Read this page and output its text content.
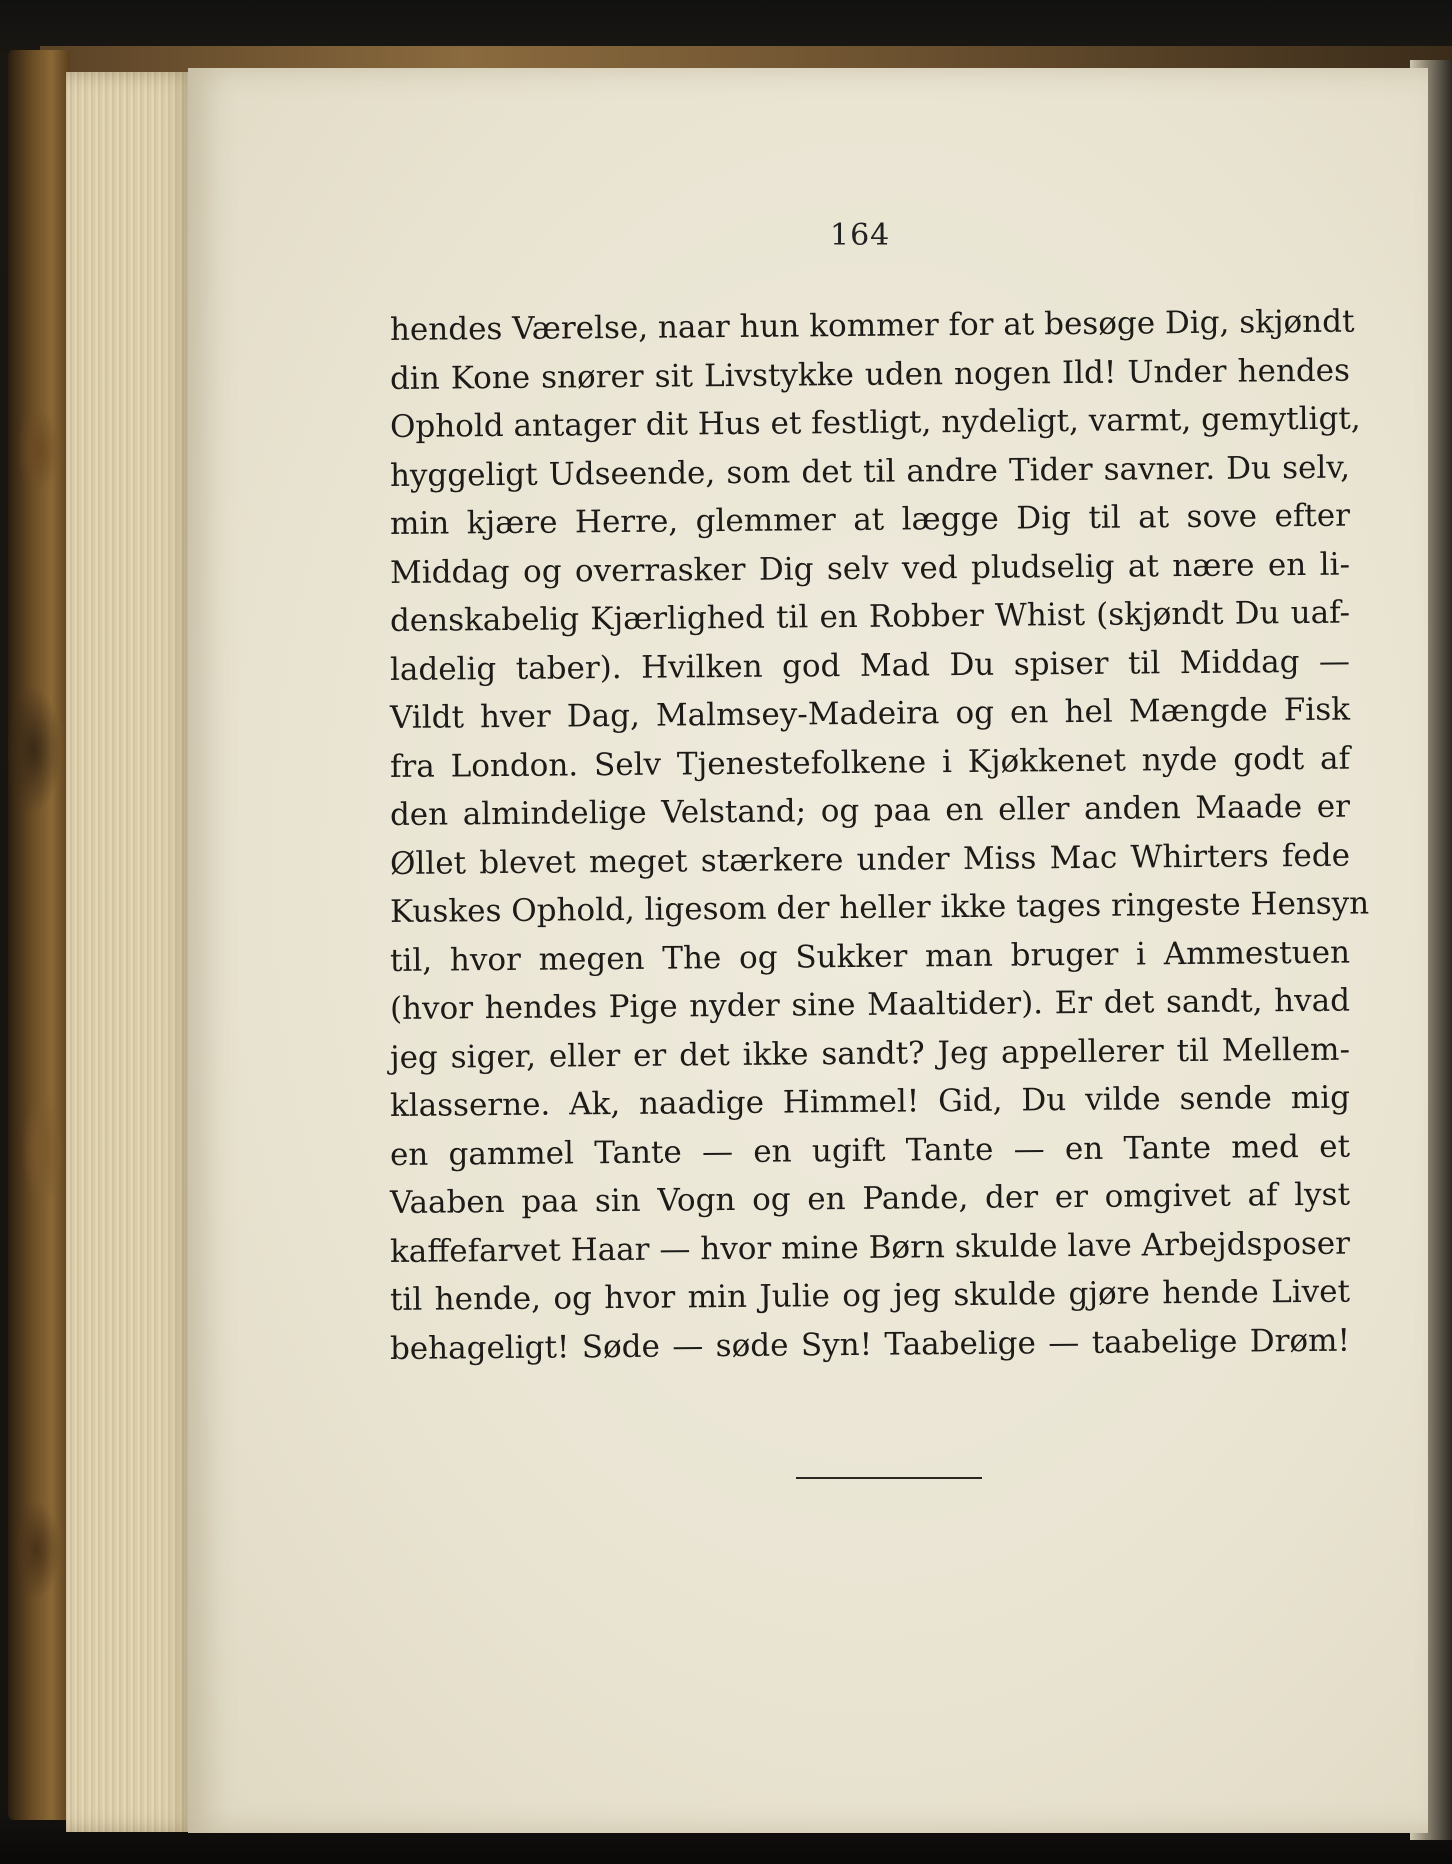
164
hendes Værelse, naar hun kommer for at besøge Dig, skjøndt
din Kone snører sit Livstykke uden nogen Ild! Under hendes
Ophold antager dit Hus et festligt, nydeligt, varmt, gemytligt,
hyggeligt Udseende, som det til andre Tider savner. Du selv,
min kjære Herre, glemmer at lægge Dig til at sove efter
Middag og overrasker Dig selv ved pludselig at nære en li-
denskabelig Kjærlighed til en Robber Whist (skjøndt Du uaf-
ladelig taber). Hvilken god Mad Du spiser til Middag —
Vildt hver Dag, Malmsey-Madeira og en hel Mængde Fisk
fra London. Selv Tjenestefolkene i Kjøkkenet nyde godt af
den almindelige Velstand; og paa en eller anden Maade er
Øllet blevet meget stærkere under Miss Mac Whirters fede
Kuskes Ophold, ligesom der heller ikke tages ringeste Hensyn
til, hvor megen The og Sukker man bruger i Ammestuen
(hvor hendes Pige nyder sine Maaltider). Er det sandt, hvad
jeg siger, eller er det ikke sandt? Jeg appellerer til Mellem-
klasserne. Ak, naadige Himmel! Gid, Du vilde sende mig
en gammel Tante — en ugift Tante — en Tante med et
Vaaben paa sin Vogn og en Pande, der er omgivet af lyst
kaffefarvet Haar — hvor mine Børn skulde lave Arbejdsposer
til hende, og hvor min Julie og jeg skulde gjøre hende Livet
behageligt! Søde — søde Syn! Taabelige — taabelige Drøm!
